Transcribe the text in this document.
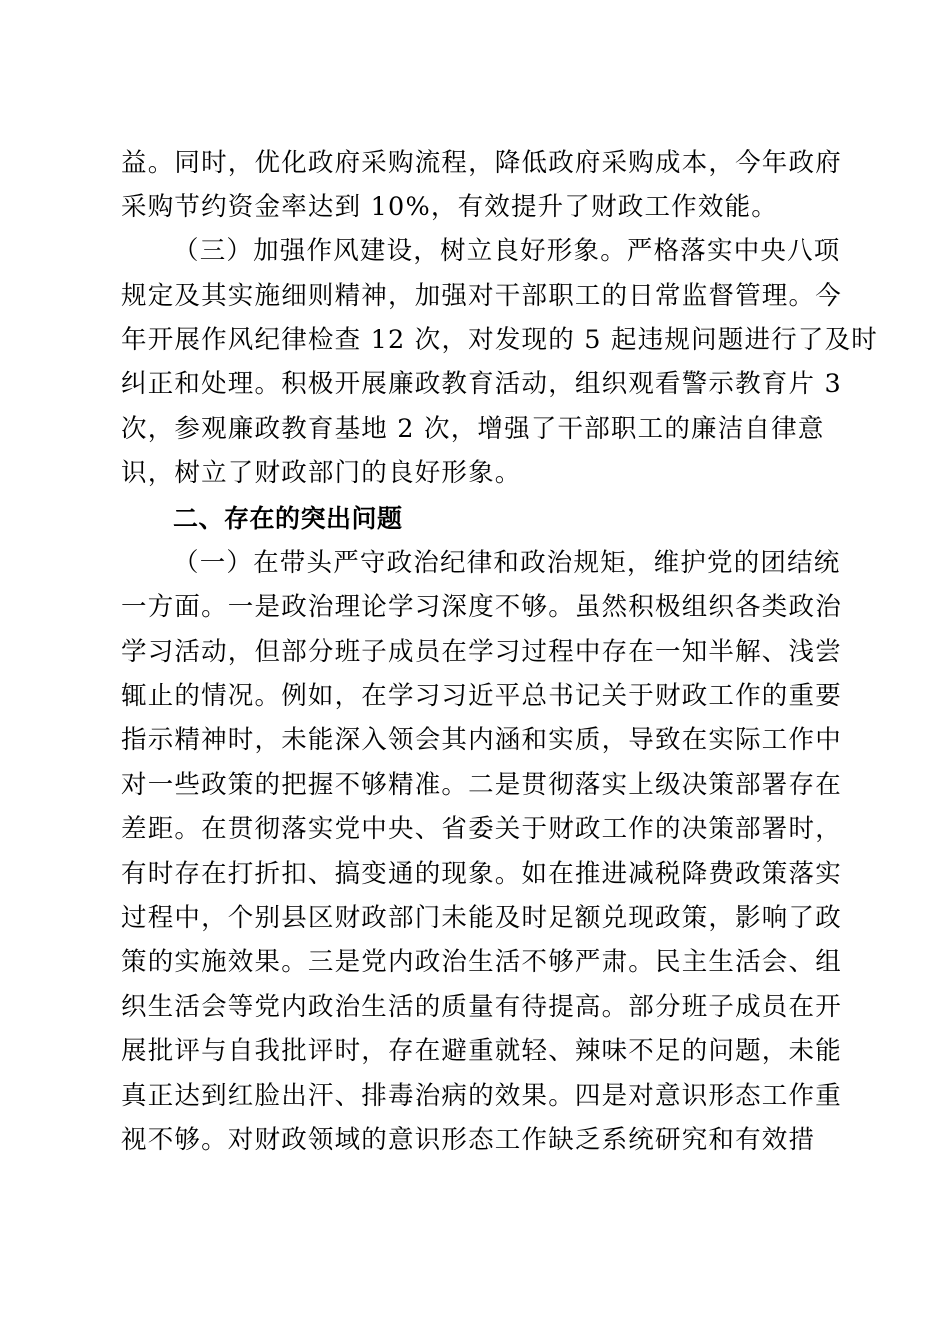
益。同时，优化政府采购流程，降低政府采购成本，今年政府
采购节约资金率达到 10%，有效提升了财政工作效能。
（三）加强作风建设，树立良好形象。严格落实中央八项
规定及其实施细则精神，加强对干部职工的日常监督管理。今
年开展作风纪律检查 12 次，对发现的 5 起违规问题进行了及时
纠正和处理。积极开展廉政教育活动，组织观看警示教育片 3
次，参观廉政教育基地 2 次，增强了干部职工的廉洁自律意
识，树立了财政部门的良好形象。
二、存在的突出问题
（一）在带头严守政治纪律和政治规矩，维护党的团结统
一方面。一是政治理论学习深度不够。虽然积极组织各类政治
学习活动，但部分班子成员在学习过程中存在一知半解、浅尝
辄止的情况。例如，在学习习近平总书记关于财政工作的重要
指示精神时，未能深入领会其内涵和实质，导致在实际工作中
对一些政策的把握不够精准。二是贯彻落实上级决策部署存在
差距。在贯彻落实党中央、省委关于财政工作的决策部署时，
有时存在打折扣、搞变通的现象。如在推进减税降费政策落实
过程中，个别县区财政部门未能及时足额兑现政策，影响了政
策的实施效果。三是党内政治生活不够严肃。民主生活会、组
织生活会等党内政治生活的质量有待提高。部分班子成员在开
展批评与自我批评时，存在避重就轻、辣味不足的问题，未能
真正达到红脸出汗、排毒治病的效果。四是对意识形态工作重
视不够。对财政领域的意识形态工作缺乏系统研究和有效措
